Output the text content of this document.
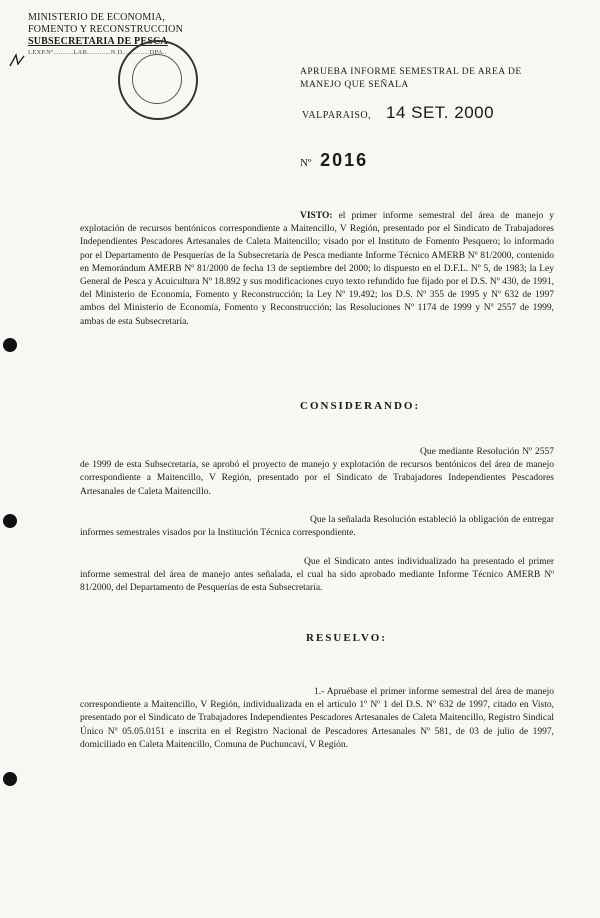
MINISTERIO DE ECONOMIA,
FOMENTO Y RECONSTRUCCION
SUBSECRETARIA DE PESCA
I.EXP.Nº...........LAB.............N.D...............DPA..
APRUEBA INFORME SEMESTRAL DE AREA DE MANEJO QUE SEÑALA
VALPARAISO, 14 SET. 2000
Nº 2016
VISTO: el primer informe semestral del área de manejo y explotación de recursos bentónicos correspondiente a Maitencillo, V Región, presentado por el Sindicato de Trabajadores Independientes Pescadores Artesanales de Caleta Maitencillo; visado por el Instituto de Fomento Pesquero; lo informado por el Departamento de Pesquerías de la Subsecretaría de Pesca mediante Informe Técnico AMERB Nº 81/2000, contenido en Memorándum AMERB Nº 81/2000 de fecha 13 de septiembre del 2000; lo dispuesto en el D.F.L. Nº 5, de 1983; la Ley General de Pesca y Acuicultura Nº 18.892 y sus modificaciones cuyo texto refundido fue fijado por el D.S. Nº 430, de 1991, del Ministerio de Economía, Fomento y Reconstrucción; la Ley Nº 19.492; los D.S. Nº 355 de 1995 y Nº 632 de 1997 ambos del Ministerio de Economía, Fomento y Reconstrucción; las Resoluciones Nº 1174 de 1999 y Nº 2557 de 1999, ambas de esta Subsecretaría.
CONSIDERANDO:
Que mediante Resolución Nº 2557 de 1999 de esta Subsecretaría, se aprobó el proyecto de manejo y explotación de recursos bentónicos del área de manejo correspondiente a Maitencillo, V Región, presentado por el Sindicato de Trabajadores Independientes Pescadores Artesanales de Caleta Maitencillo.
Que la señalada Resolución estableció la obligación de entregar informes semestrales visados por la Institución Técnica correspondiente.
Que el Sindicato antes individualizado ha presentado el primer informe semestral del área de manejo antes señalada, el cual ha sido aprobado mediante Informe Técnico AMERB Nº 81/2000, del Departamento de Pesquerías de esta Subsecretaría.
RESUELVO:
1.- Apruébase el primer informe semestral del área de manejo correspondiente a Maitencillo, V Región, individualizada en el artículo 1º Nº 1 del D.S. Nº 632 de 1997, citado en Visto, presentado por el Sindicato de Trabajadores Independientes Pescadores Artesanales de Caleta Maitencillo, Registro Sindical Único Nº 05.05.0151 e inscrita en el Registro Nacional de Pescadores Artesanales Nº 581, de 03 de julio de 1997, domiciliado en Caleta Maitencillo, Comuna de Puchuncaví, V Región.
